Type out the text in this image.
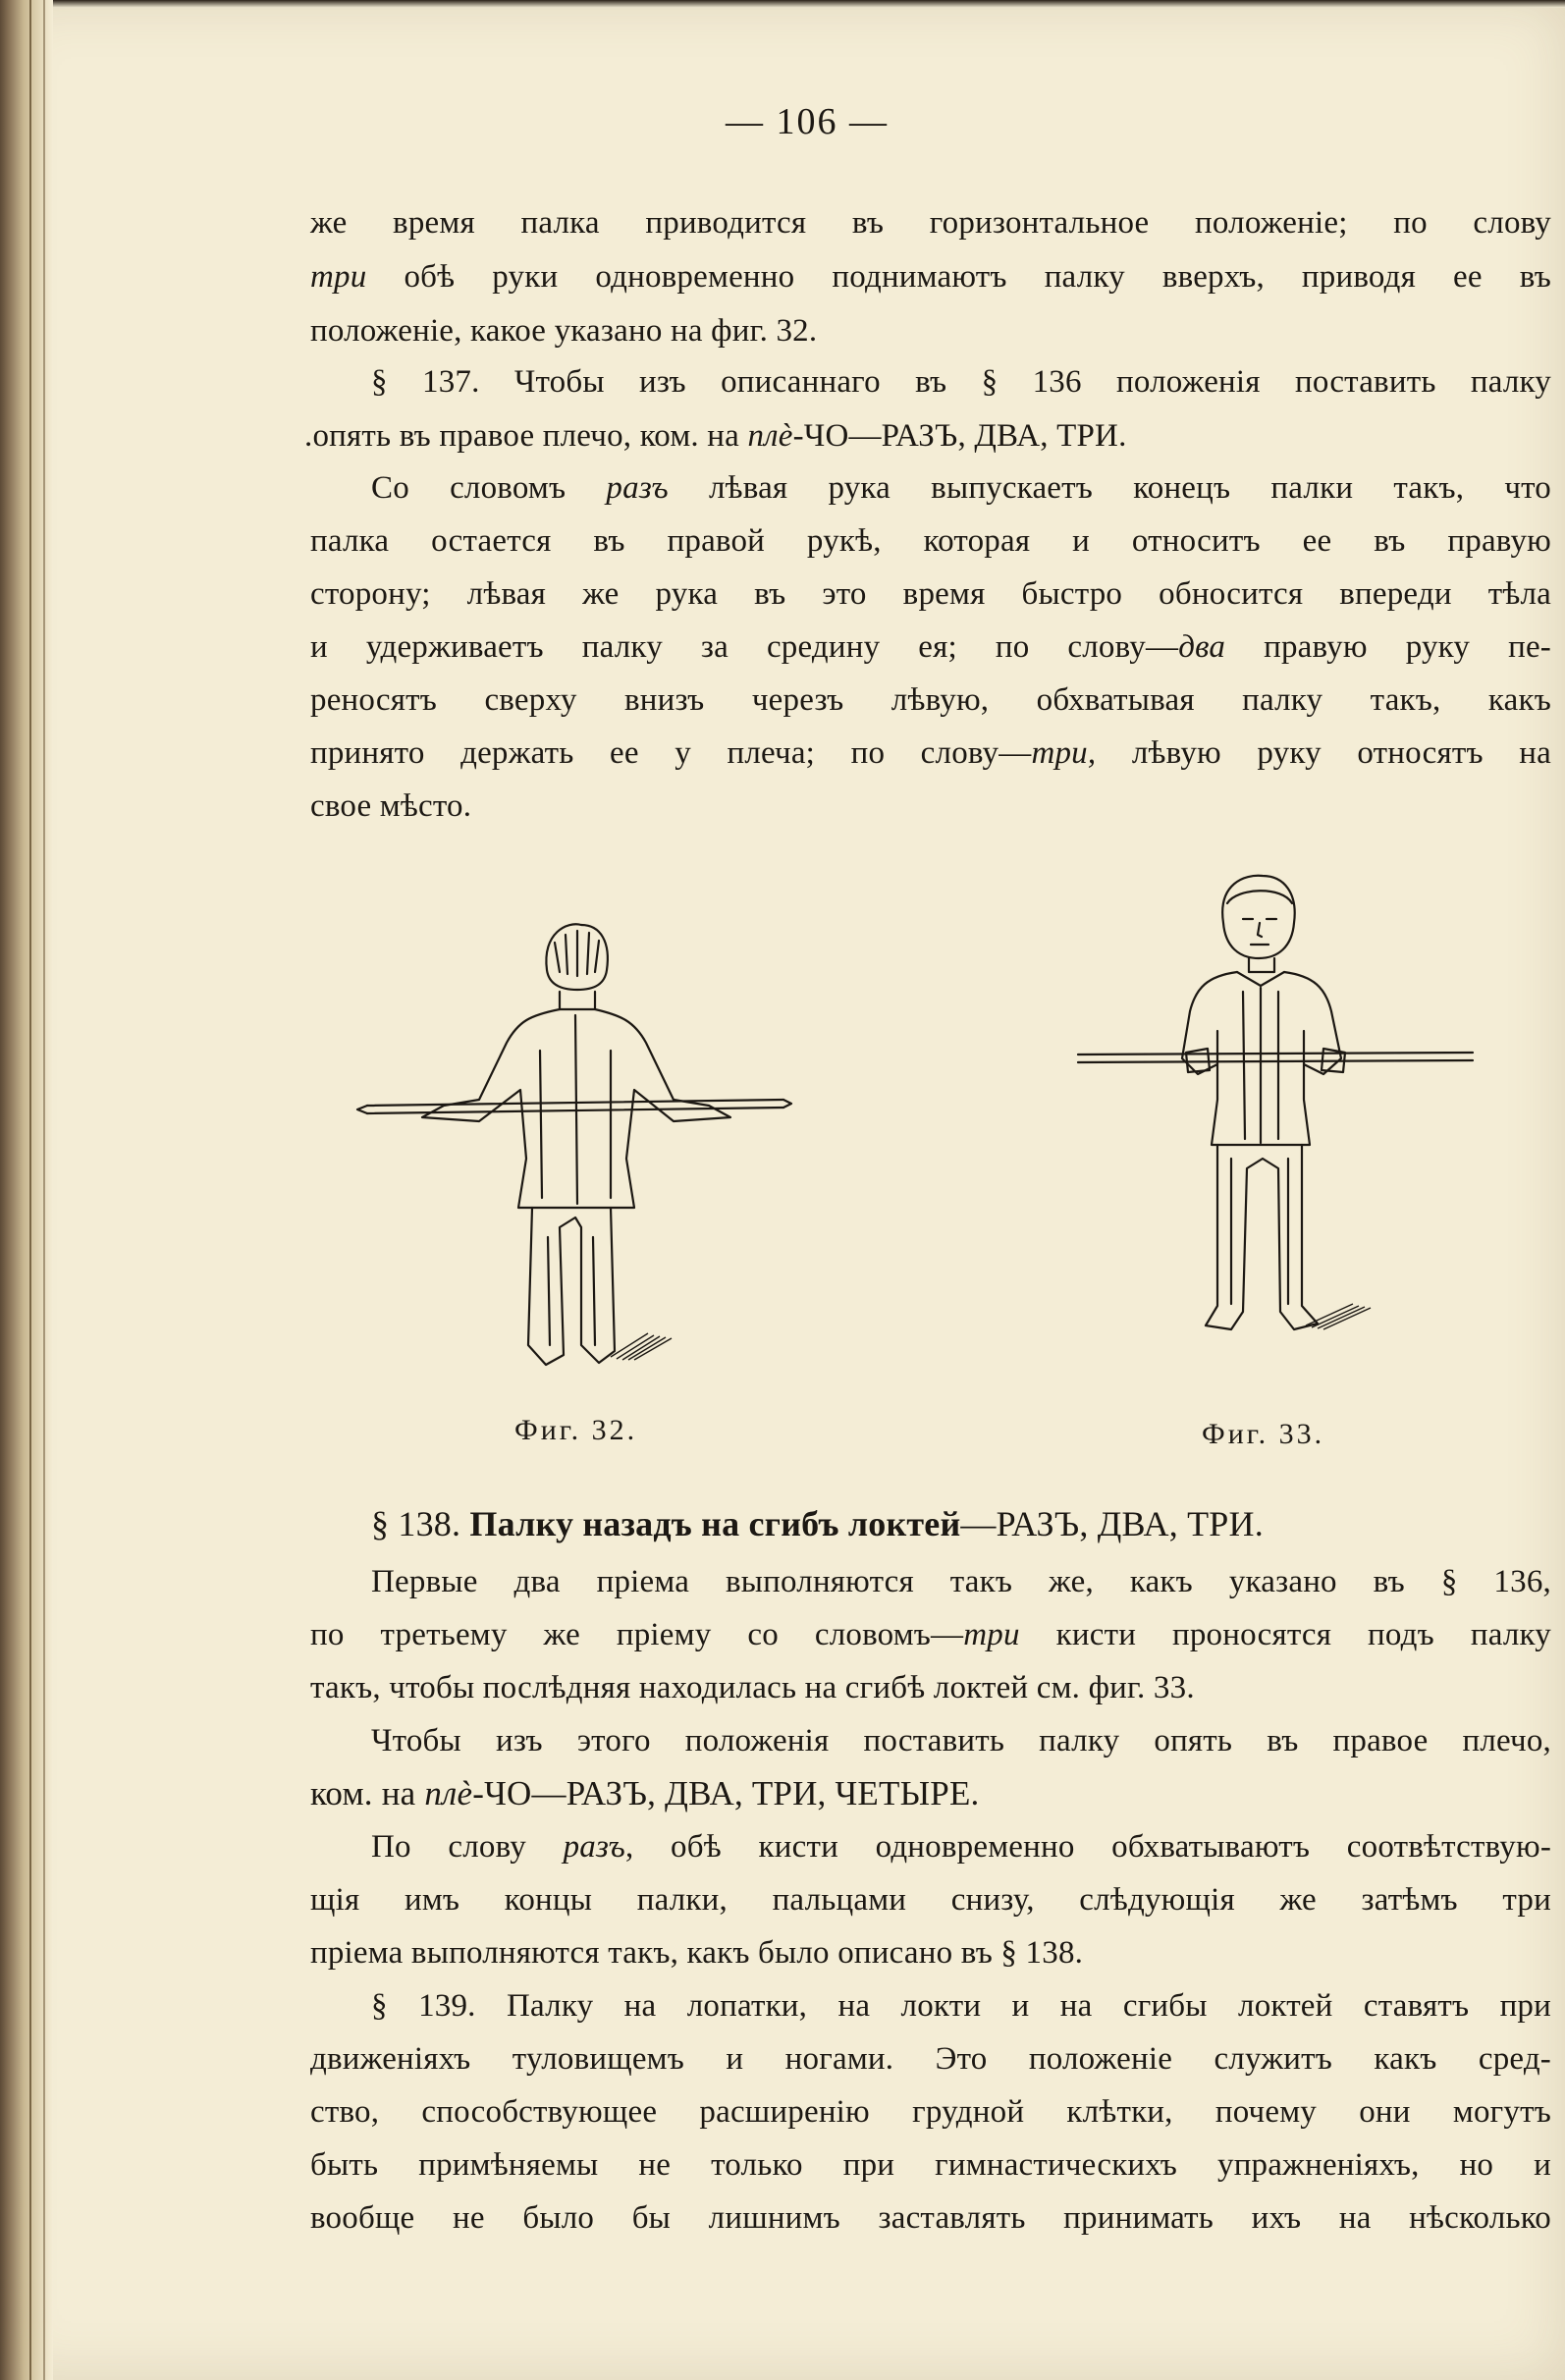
— 106 —
же время палка приводится въ горизонтальное положеніе; по слову
три обѣ руки одновременно поднимаютъ палку вверхъ, приводя ее въ
положеніе, какое указано на фиг. 32.
§ 137. Чтобы изъ описаннаго въ § 136 положенія поставить палку
.опять въ правое плечо, ком. на плѐ-ЧО—РАЗЪ, ДВА, ТРИ.
Со словомъ разъ лѣвая рука выпускаетъ конецъ палки такъ, что
палка остается въ правой рукѣ, которая и относитъ ее въ правую
сторону; лѣвая же рука въ это время быстро обносится впереди тѣла
и удерживаетъ палку за средину ея; по слову—два правую руку пе-
реносятъ сверху внизъ черезъ лѣвую, обхватывая палку такъ, какъ
принято держать ее у плеча; по слову—три, лѣвую руку относятъ на
свое мѣсто.
Фиг. 32.	Фиг. 33.
§ 138. Палку назадъ на сгибъ локтей—РАЗЪ, ДВА, ТРИ.
Первые два пріема выполняются такъ же, какъ указано въ § 136,
по третьему же пріему со словомъ—три кисти проносятся подъ палку
такъ, чтобы послѣдняя находилась на сгибѣ локтей см. фиг. 33.
Чтобы изъ этого положенія поставить палку опять въ правое плечо,
ком. на плѐ-ЧО—РАЗЪ, ДВА, ТРИ, ЧЕТЫРЕ.
По слову разъ, обѣ кисти одновременно обхватываютъ соотвѣтствую-
щія имъ концы палки, пальцами снизу, слѣдующія же затѣмъ три
пріема выполняются такъ, какъ было описано въ § 138.
§ 139. Палку на лопатки, на локти и на сгибы локтей ставятъ при
движеніяхъ туловищемъ и ногами. Это положеніе служитъ какъ сред-
ство, способствующее расширенію грудной клѣтки, почему они могутъ
быть примѣняемы не только при гимнастическихъ упражненіяхъ, но и
вообще не было бы лишнимъ заставлять принимать ихъ на нѣсколько
